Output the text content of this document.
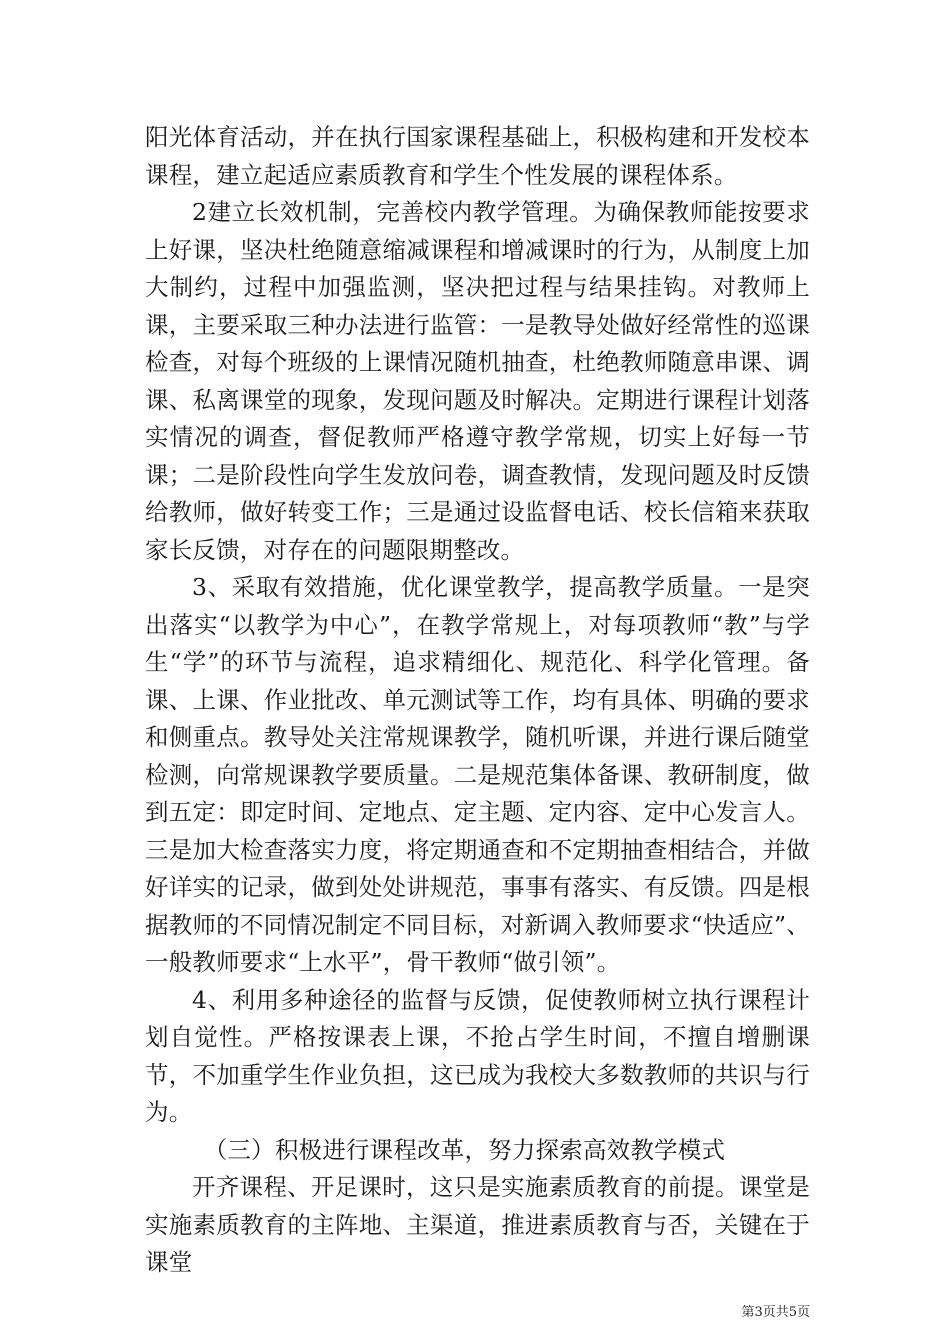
阳光体育活动，并在执行国家课程基础上，积极构建和开发校本课程，建立起适应素质教育和学生个性发展的课程体系。

2建立长效机制，完善校内教学管理。为确保教师能按要求上好课，坚决杜绝随意缩减课程和增减课时的行为，从制度上加大制约，过程中加强监测，坚决把过程与结果挂钩。对教师上课，主要采取三种办法进行监管：一是教导处做好经常性的巡课检查，对每个班级的上课情况随机抽查，杜绝教师随意串课、调课、私离课堂的现象，发现问题及时解决。定期进行课程计划落实情况的调查，督促教师严格遵守教学常规，切实上好每一节课；二是阶段性向学生发放问卷，调查教情，发现问题及时反馈给教师，做好转变工作；三是通过设监督电话、校长信箱来获取家长反馈，对存在的问题限期整改。

3、采取有效措施，优化课堂教学，提高教学质量。一是突出落实“以教学为中心”，在教学常规上，对每项教师“教”与学生“学”的环节与流程，追求精细化、规范化、科学化管理。备课、上课、作业批改、单元测试等工作，均有具体、明确的要求和侧重点。教导处关注常规课教学，随机听课，并进行课后随堂检测，向常规课教学要质量。二是规范集体备课、教研制度，做到五定：即定时间、定地点、定主题、定内容、定中心发言人。三是加大检查落实力度，将定期通查和不定期抽查相结合，并做好详实的记录，做到处处讲规范，事事有落实、有反馈。四是根据教师的不同情况制定不同目标，对新调入教师要求“快适应”、一般教师要求“上水平”，骨干教师“做引领”。

4、利用多种途径的监督与反馈，促使教师树立执行课程计划自觉性。严格按课表上课，不抢占学生时间，不擅自增删课节，不加重学生作业负担，这已成为我校大多数教师的共识与行为。

（三）积极进行课程改革，努力探索高效教学模式

开齐课程、开足课时，这只是实施素质教育的前提。课堂是实施素质教育的主阵地、主渠道，推进素质教育与否，关键在于课堂

第3页共5页
